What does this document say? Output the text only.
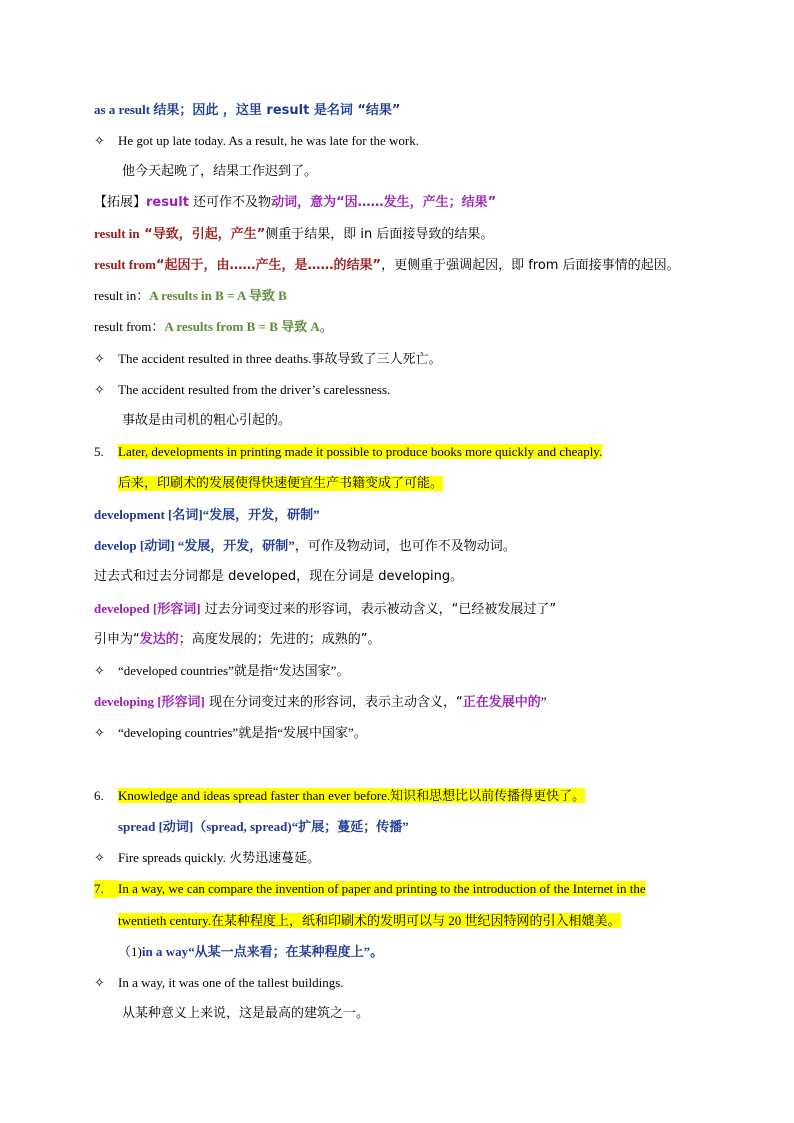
as a result 结果；因此 ，这里 result 是名词 “结果”
✧ He got up late today. As a result, he was late for the work.
他今天起晚了，结果工作迟到了。
【拓展】result 还可作不及物动词，意为“因……发生，产生；结果”
result in “导致，引起，产生”侧重于结果，即 in 后面接导致的结果。
result from“起因于，由……产生，是……的结果”，更侧重于强调起因，即 from 后面接事情的起因。
result in：A results in B = A 导致 B
result from：A results from B = B 导致 A。
✧ The accident resulted in three deaths.事故导致了三人死亡。
✧ The accident resulted from the driver’s carelessness.
事故是由司机的粗心引起的。
5. Later, developments in printing made it possible to produce books more quickly and cheaply.
后来，印刷术的发展使得快速便宜生产书籍变成了可能。
development [名词]“发展，开发，研制”
develop [动词] “发展，开发，研制”，可作及物动词，也可作不及物动词。
过去式和过去分词都是 developed，现在分词是 developing。
developed [形容词] 过去分词变过来的形容词，表示被动含义，“已经被发展过了”
引申为“发达的；高度发展的；先进的；成熟的”。
✧ “developed countries”就是指“发达国家”。
developing [形容词] 现在分词变过来的形容词，表示主动含义，“正在发展中的”
✧ “developing countries”就是指“发展中国家”。
6. Knowledge and ideas spread faster than ever before.知识和思想比以前传播得更快了。
spread [动词]（spread, spread)“扩展；蔓延；传播”
✧ Fire spreads quickly. 火势迅速蔓延。
7. In a way, we can compare the invention of paper and printing to the introduction of the Internet in the
twentieth century.在某种程度上，纸和印刷术的发明可以与 20 世纪因特网的引入相媲美。
（1)in a way“从某一点来看；在某种程度上”。
✧ In a way, it was one of the tallest buildings.
从某种意义上来说，这是最高的建筑之一。
